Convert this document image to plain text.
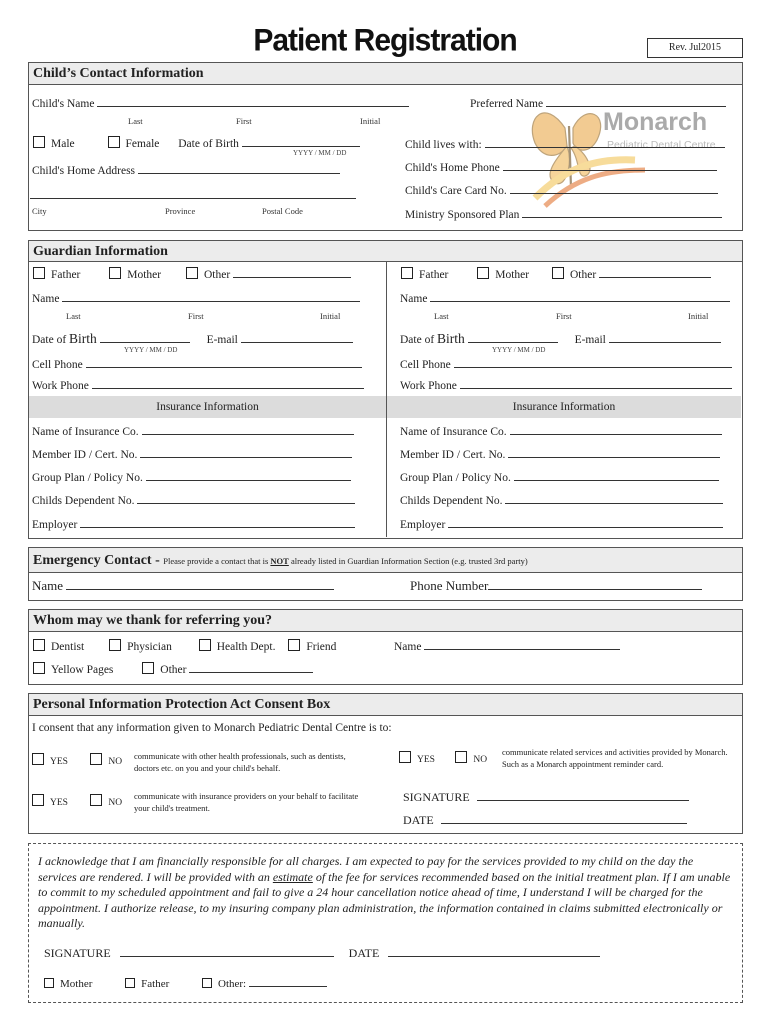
Patient Registration	Rev. Jul2015
Child’s Contact Information
Monarch
Pediatric Dental Centre
Child's Name
Last	First	Initial
Preferred Name
Male	Female Date of Birth
YYYY / MM / DD
Child's Home Address
City	Province	Postal Code
Child lives with:
Child's Home Phone
Child's Care Card No.
Ministry Sponsored Plan
Guardian Information
Insurance Information	Insurance Information
Father	Mother	Other
Name
Last	First	Initial
Date of Birth	E-mail
YYYY / MM / DD
Cell Phone
Work Phone
Name of Insurance Co.
Member ID / Cert. No.
Group Plan / Policy No.
Childs Dependent No.
Employer
Father	Mother	Other
Name
Last	First	Initial
Date of Birth	E-mail
YYYY / MM / DD
Cell Phone
Work Phone
Name of Insurance Co.
Member ID / Cert. No.
Group Plan / Policy No.
Childs Dependent No.
Employer
Emergency Contact - Please provide a contact that is NOT already listed in Guardian Information Section (e.g. trusted 3rd party)
Name	Phone Number
Whom may we thank for referring you?
Dentist	Physician	Health Dept.	Friend	Name
Yellow Pages	Other
Personal Information Protection Act Consent Box
I consent that any information given to Monarch Pediatric Dental Centre is to:
YES	NO
communicate with other health professionals, such as dentists, doctors etc. on you and your child's behalf.
YES	NO
communicate related services and activities provided by Monarch. Such as a Monarch appointment reminder card.
YES	NO
communicate with insurance providers on your behalf to facilitate your child's treatment.
SIGNATURE
DATE
I acknowledge that I am financially responsible for all charges. I am expected to pay for the services provided to my child on the day the services are rendered. I will be provided with an estimate of the fee for services recommended based on the initial treatment plan. If I am unable to commit to my scheduled appointment and fail to give a 24 hour cancellation notice ahead of time, I understand I will be charged for the appointment. I authorize release, to my insuring company plan administration, the information contained in claims submitted electronically or manually.
SIGNATURE	DATE
Mother	Father	Other:
